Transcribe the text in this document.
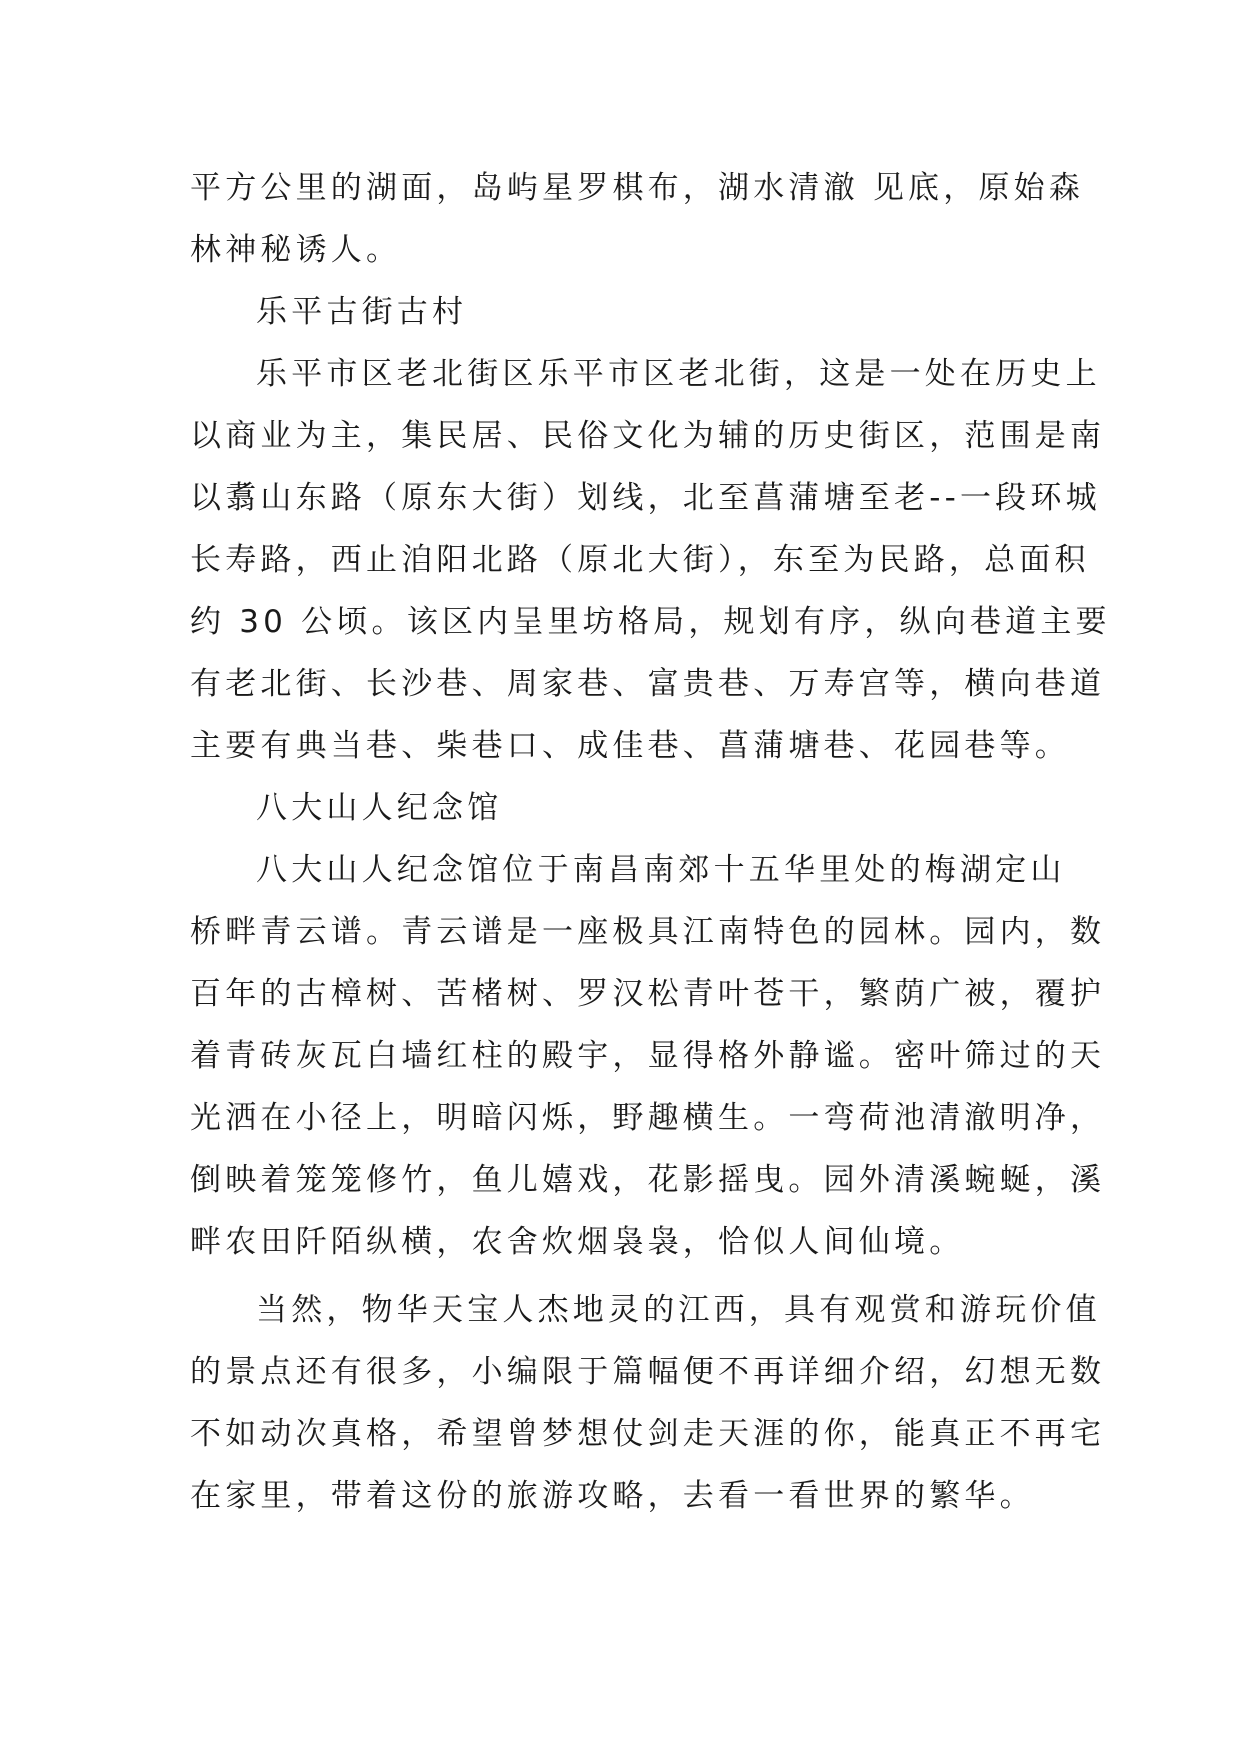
平方公里的湖面，岛屿星罗棋布，湖水清澈 见底，原始森
林神秘诱人。
乐平古街古村
乐平市区老北街区乐平市区老北街，这是一处在历史上
以商业为主，集民居、民俗文化为辅的历史街区，范围是南
以翥山东路（原东大街）划线，北至菖蒲塘至老--一段环城
长寿路，西止洎阳北路（原北大街），东至为民路，总面积
约 30 公顷。该区内呈里坊格局，规划有序，纵向巷道主要
有老北街、长沙巷、周家巷、富贵巷、万寿宫等，横向巷道
主要有典当巷、柴巷口、成佳巷、菖蒲塘巷、花园巷等。
八大山人纪念馆
八大山人纪念馆位于南昌南郊十五华里处的梅湖定山
桥畔青云谱。青云谱是一座极具江南特色的园林。园内，数
百年的古樟树、苦楮树、罗汉松青叶苍干，繁荫广被，覆护
着青砖灰瓦白墙红柱的殿宇，显得格外静谧。密叶筛过的天
光洒在小径上，明暗闪烁，野趣横生。一弯荷池清澈明净，
倒映着笼笼修竹，鱼儿嬉戏，花影摇曳。园外清溪蜿蜒，溪
畔农田阡陌纵横，农舍炊烟袅袅，恰似人间仙境。
当然，物华天宝人杰地灵的江西，具有观赏和游玩价值
的景点还有很多，小编限于篇幅便不再详细介绍，幻想无数
不如动次真格，希望曾梦想仗剑走天涯的你，能真正不再宅
在家里，带着这份的旅游攻略，去看一看世界的繁华。
